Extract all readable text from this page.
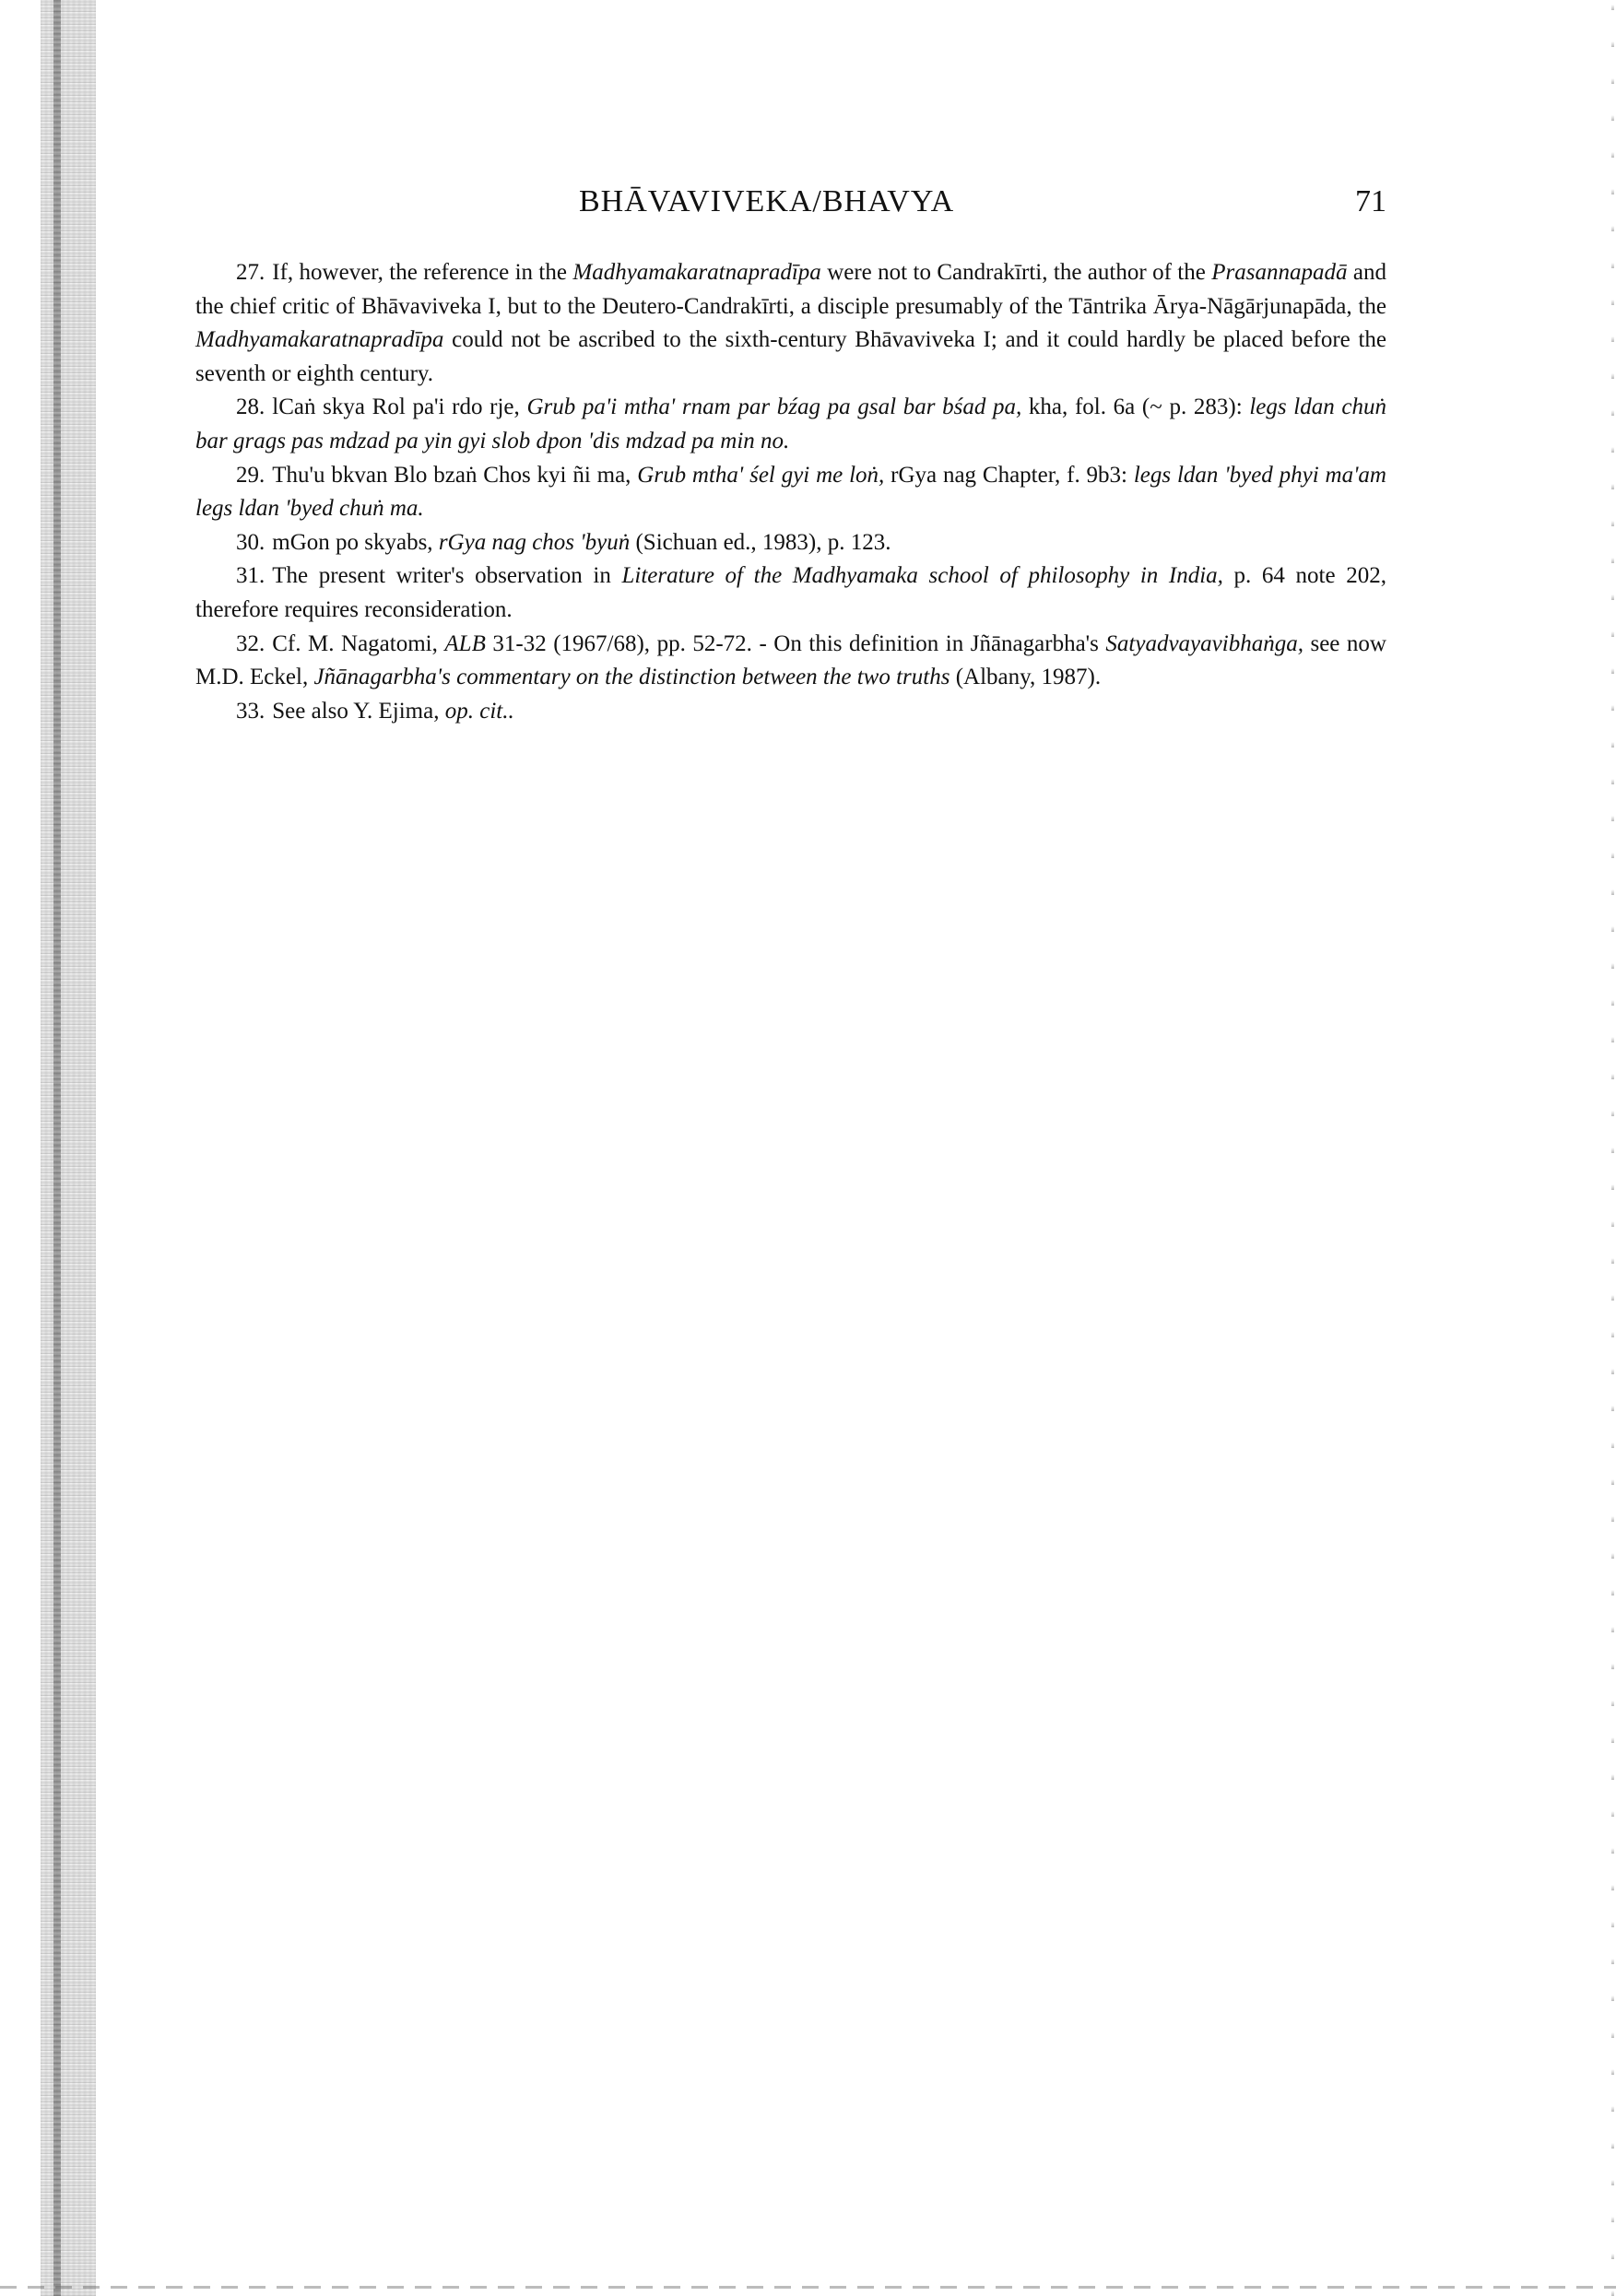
BHĀVAVIVEKA/BHAVYA	71

27. If, however, the reference in the Madhyamakaratnapradīpa were not to Candrakīrti, the author of the Prasannapadā and the chief critic of Bhāvaviveka I, but to the Deutero-Candrakīrti, a disciple presumably of the Tāntrika Ārya-Nāgārjunapāda, the Madhyamakaratnapradīpa could not be ascribed to the sixth-century Bhāvaviveka I; and it could hardly be placed before the seventh or eighth century.

28. lCaṅ skya Rol pa'i rdo rje, Grub pa'i mtha' rnam par bźag pa gsal bar bśad pa, kha, fol. 6a (~ p. 283): legs ldan chuṅ bar grags pas mdzad pa yin gyi slob dpon 'dis mdzad pa min no.

29. Thu'u bkvan Blo bzaṅ Chos kyi ñi ma, Grub mtha' śel gyi me loṅ, rGya nag Chapter, f. 9b3: legs ldan 'byed phyi ma'am legs ldan 'byed chuṅ ma.

30. mGon po skyabs, rGya nag chos 'byuṅ (Sichuan ed., 1983), p. 123.

31. The present writer's observation in Literature of the Madhyamaka school of philosophy in India, p. 64 note 202, therefore requires reconsideration.

32. Cf. M. Nagatomi, ALB 31-32 (1967/68), pp. 52-72. - On this definition in Jñānagarbha's Satyadvayavibhaṅga, see now M.D. Eckel, Jñānagarbha's commentary on the distinction between the two truths (Albany, 1987).

33. See also Y. Ejima, op. cit..
